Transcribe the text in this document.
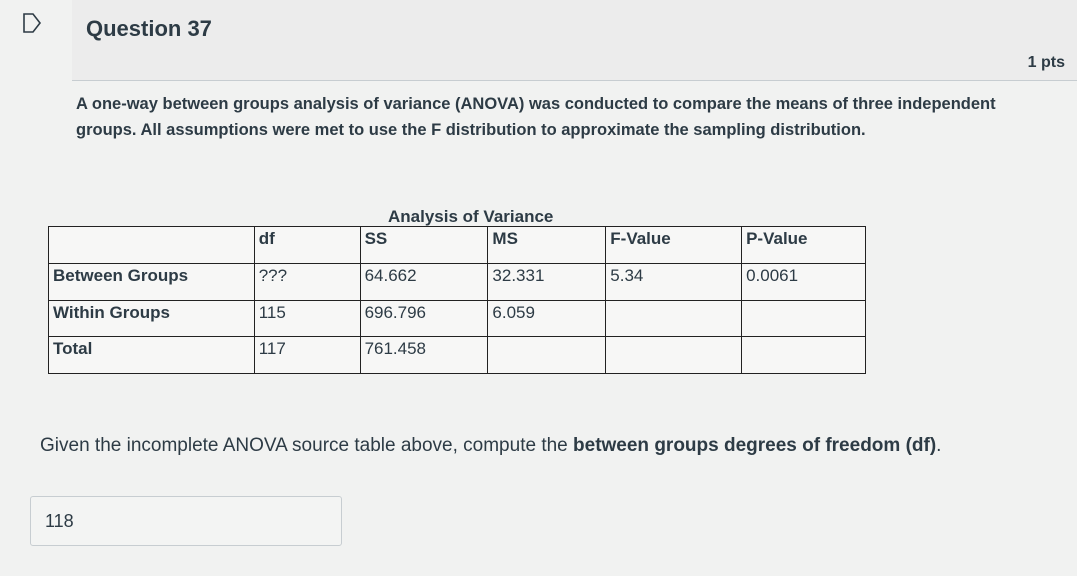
Question 37
1 pts
A one-way between groups analysis of variance (ANOVA) was conducted to compare the means of three independent groups. All assumptions were met to use the F distribution to approximate the sampling distribution.
Analysis of Variance
	df	SS	MS	F-Value	P-Value
Between Groups	???	64.662	32.331	5.34	0.0061
Within Groups	115	696.796	6.059		
Total	117	761.458			
Given the incomplete ANOVA source table above, compute the between groups degrees of freedom (df).
118
